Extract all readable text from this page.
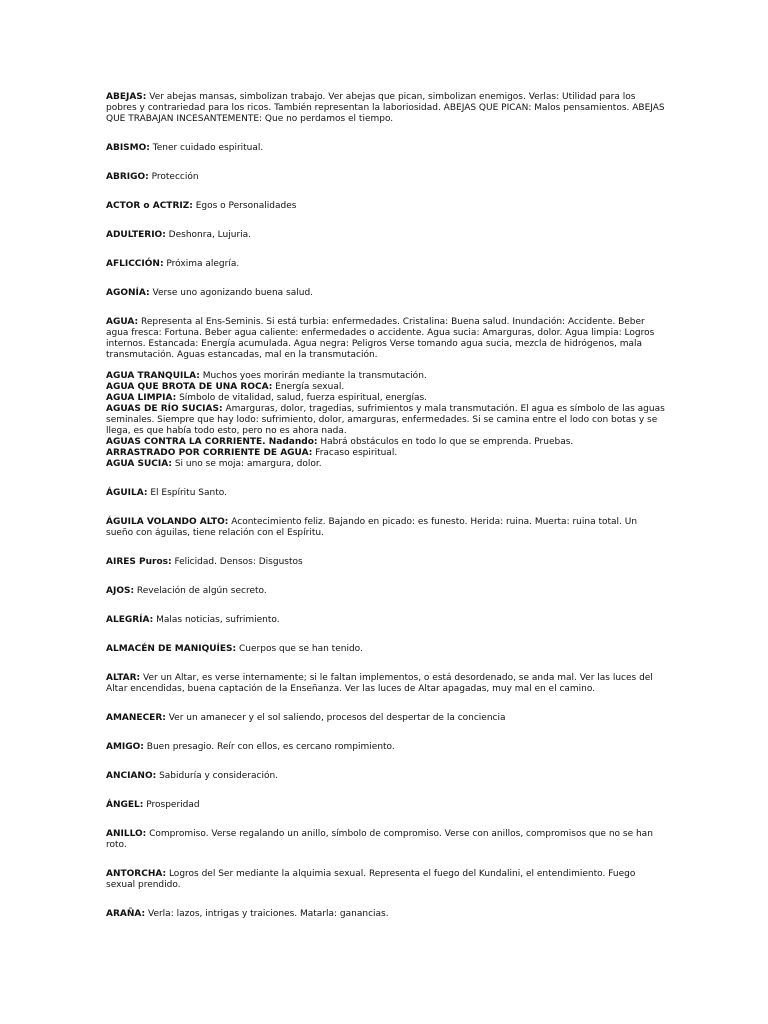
ABEJAS: Ver abejas mansas, simbolizan trabajo. Ver abejas que pican, simbolizan enemigos. Verlas: Utilidad para los pobres y contrariedad para los ricos. También representan la laboriosidad. ABEJAS QUE PICAN: Malos pensamientos. ABEJAS QUE TRABAJAN INCESANTEMENTE: Que no perdamos el tiempo.

ABISMO: Tener cuidado espiritual.

ABRIGO: Protección

ACTOR o ACTRIZ: Egos o Personalidades

ADULTERIO: Deshonra, Lujuria.

AFLICCIÓN: Próxima alegría.

AGONÍA: Verse uno agonizando buena salud.

AGUA: Representa al Ens-Seminis. Si está turbia: enfermedades. Cristalina: Buena salud. Inundación: Accidente. Beber agua fresca: Fortuna. Beber agua caliente: enfermedades o accidente. Agua sucia: Amarguras, dolor. Agua limpia: Logros internos. Estancada: Energía acumulada. Agua negra: Peligros Verse tomando agua sucia, mezcla de hidrógenos, mala transmutación. Aguas estancadas, mal en la transmutación.

AGUA TRANQUILA: Muchos yoes morirán mediante la transmutación.

AGUA QUE BROTA DE UNA ROCA: Energía sexual.

AGUA LIMPIA: Símbolo de vitalidad, salud, fuerza espiritual, energías.

AGUAS DE RÍO SUCIAS: Amarguras, dolor, tragedias, sufrimientos y mala transmutación. El agua es símbolo de las aguas seminales. Siempre que hay lodo: sufrimiento, dolor, amarguras, enfermedades. Si se camina entre el lodo con botas y se llega, es que había todo esto, pero no es ahora nada.

AGUAS CONTRA LA CORRIENTE. Nadando: Habrá obstáculos en todo lo que se emprenda. Pruebas.

ARRASTRADO POR CORRIENTE DE AGUA: Fracaso espiritual.

AGUA SUCIA: Si uno se moja: amargura, dolor.

ÁGUILA: El Espíritu Santo.

ÁGUILA VOLANDO ALTO: Acontecimiento feliz. Bajando en picado: es funesto. Herida: ruina. Muerta: ruina total. Un sueño con águilas, tiene relación con el Espíritu.

AIRES Puros: Felicidad. Densos: Disgustos

AJOS: Revelación de algún secreto.

ALEGRÍA: Malas noticias, sufrimiento.

ALMACÉN DE MANIQUÍES: Cuerpos que se han tenido.

ALTAR: Ver un Altar, es verse internamente; si le faltan implementos, o está desordenado, se anda mal. Ver las luces del Altar encendidas, buena captación de la Enseñanza. Ver las luces de Altar apagadas, muy mal en el camino.

AMANECER: Ver un amanecer y el sol saliendo, procesos del despertar de la conciencia

AMIGO: Buen presagio. Reír con ellos, es cercano rompimiento.

ANCIANO: Sabiduría y consideración.

ÁNGEL: Prosperidad

ANILLO: Compromiso. Verse regalando un anillo, símbolo de compromiso. Verse con anillos, compromisos que no se han roto.

ANTORCHA: Logros del Ser mediante la alquimia sexual. Representa el fuego del Kundalini, el entendimiento. Fuego sexual prendido.

ARAÑA: Verla: lazos, intrigas y traiciones. Matarla: ganancias.
